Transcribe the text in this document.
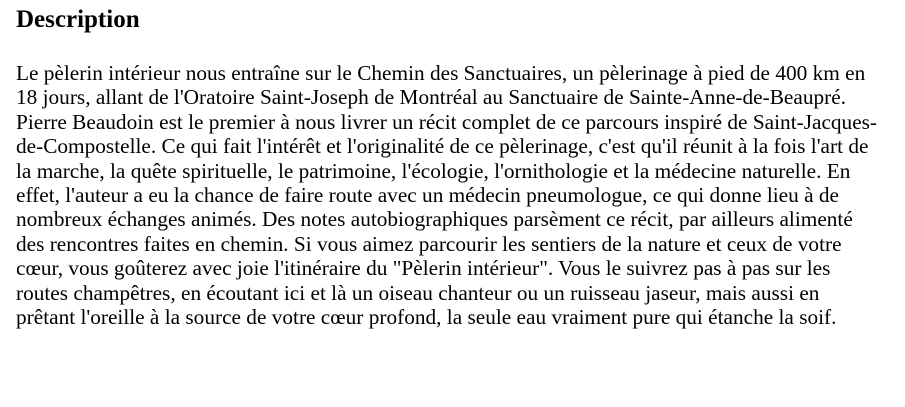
Description

Le pèlerin intérieur nous entraîne sur le Chemin des Sanctuaires, un pèlerinage à pied de 400 km en 18 jours, allant de l'Oratoire Saint-Joseph de Montréal au Sanctuaire de Sainte-Anne-de-Beaupré. Pierre Beaudoin est le premier à nous livrer un récit complet de ce parcours inspiré de Saint-Jacques-de-Compostelle. Ce qui fait l'intérêt et l'originalité de ce pèlerinage, c'est qu'il réunit à la fois l'art de la marche, la quête spirituelle, le patrimoine, l'écologie, l'ornithologie et la médecine naturelle. En effet, l'auteur a eu la chance de faire route avec un médecin pneumologue, ce qui donne lieu à de nombreux échanges animés. Des notes autobiographiques parsèment ce récit, par ailleurs alimenté des rencontres faites en chemin. Si vous aimez parcourir les sentiers de la nature et ceux de votre cœur, vous goûterez avec joie l'itinéraire du "Pèlerin intérieur". Vous le suivrez pas à pas sur les routes champêtres, en écoutant ici et là un oiseau chanteur ou un ruisseau jaseur, mais aussi en prêtant l'oreille à la source de votre cœur profond, la seule eau vraiment pure qui étanche la soif.
